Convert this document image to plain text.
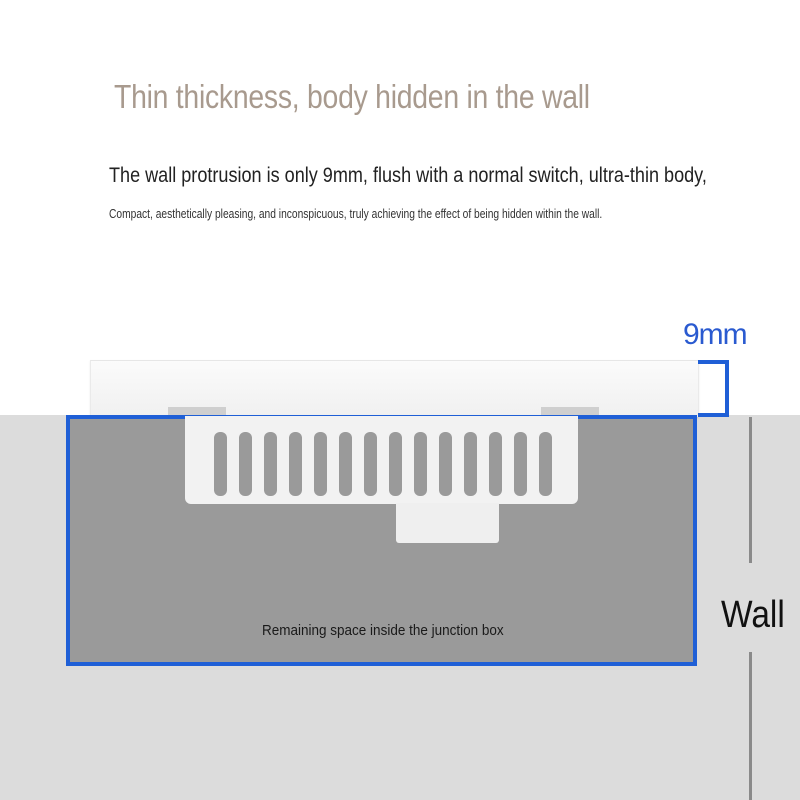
Thin thickness, body hidden in the wall
The wall protrusion is only 9mm, flush with a normal switch, ultra-thin body,
Compact, aesthetically pleasing, and inconspicuous, truly achieving the effect of being hidden within the wall.
Remaining space inside the junction box
9mm
Wall
